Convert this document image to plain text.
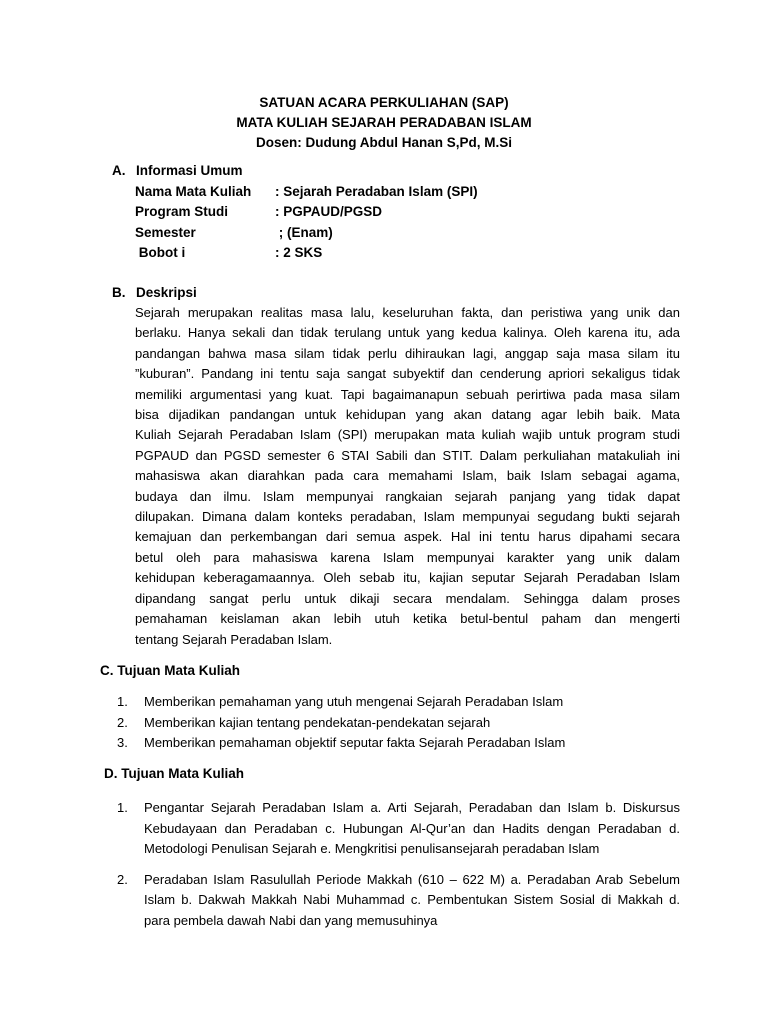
SATUAN ACARA PERKULIAHAN (SAP)
MATA KULIAH SEJARAH PERADABAN ISLAM
Dosen: Dudung Abdul Hanan S,Pd, M.Si
A. Informasi Umum
Nama Mata Kuliah	: Sejarah Peradaban Islam (SPI)
Program Studi	: PGPAUD/PGSD
Semester	; (Enam)
Bobot i	: 2 SKS
B. Deskripsi
Sejarah merupakan realitas masa lalu, keseluruhan fakta, dan peristiwa yang unik dan
berlaku. Hanya sekali dan tidak terulang untuk yang kedua kalinya. Oleh karena itu, ada
pandangan bahwa masa silam tidak perlu dihiraukan lagi, anggap saja masa silam itu
”kuburan”. Pandang ini tentu saja sangat subyektif dan cenderung apriori sekaligus tidak
memiliki argumentasi yang kuat. Tapi bagaimanapun sebuah perirtiwa pada masa silam
bisa dijadikan pandangan untuk kehidupan yang akan datang agar lebih baik. Mata
Kuliah Sejarah Peradaban Islam (SPI) merupakan mata kuliah wajib untuk program studi
PGPAUD dan PGSD semester 6 STAI Sabili dan STIT. Dalam perkuliahan matakuliah ini
mahasiswa akan diarahkan pada cara memahami Islam, baik Islam sebagai agama,
budaya dan ilmu. Islam mempunyai rangkaian sejarah panjang yang tidak dapat
dilupakan. Dimana dalam konteks peradaban, Islam mempunyai segudang bukti sejarah
kemajuan dan perkembangan dari semua aspek. Hal ini tentu harus dipahami secara
betul oleh para mahasiswa karena Islam mempunyai karakter yang unik dalam
kehidupan keberagamaannya. Oleh sebab itu, kajian seputar Sejarah Peradaban Islam
dipandang sangat perlu untuk dikaji secara mendalam. Sehingga dalam proses
pemahaman keislaman akan lebih utuh ketika betul-bentul paham dan mengerti
tentang Sejarah Peradaban Islam.
C. Tujuan Mata Kuliah
1.	Memberikan pemahaman yang utuh mengenai Sejarah Peradaban Islam
2.	Memberikan kajian tentang pendekatan-pendekatan sejarah
3.	Memberikan pemahaman objektif seputar fakta Sejarah Peradaban Islam
D. Tujuan Mata Kuliah
1.	Pengantar Sejarah Peradaban Islam a. Arti Sejarah, Peradaban dan Islam b. Diskursus
Kebudayaan dan Peradaban c. Hubungan Al-Qur’an dan Hadits dengan Peradaban d.
Metodologi Penulisan Sejarah e. Mengkritisi penulisansejarah peradaban Islam
2.	Peradaban Islam Rasulullah Periode Makkah (610 – 622 M) a. Peradaban Arab Sebelum
Islam b. Dakwah Makkah Nabi Muhammad c. Pembentukan Sistem Sosial di Makkah d.
para pembela dawah Nabi dan yang memusuhinya
